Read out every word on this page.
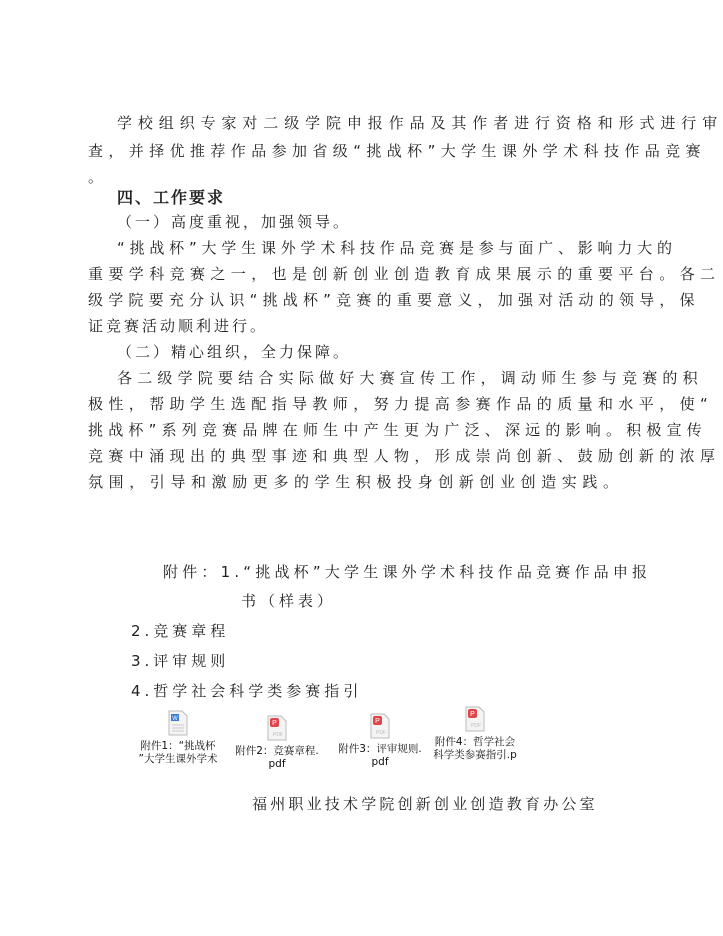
学校组织专家对二级学院申报作品及其作者进行资格和形式进行审
查，并择优推荐作品参加省级“挑战杯”大学生课外学术科技作品竞赛
。
四、工作要求
（一）高度重视，加强领导。
“挑战杯”大学生课外学术科技作品竞赛是参与面广、影响力大的
重要学科竞赛之一，也是创新创业创造教育成果展示的重要平台。各二
级学院要充分认识“挑战杯”竞赛的重要意义，加强对活动的领导，保
证竞赛活动顺利进行。
（二）精心组织，全力保障。
各二级学院要结合实际做好大赛宣传工作，调动师生参与竞赛的积
极性，帮助学生选配指导教师，努力提高参赛作品的质量和水平，使“
挑战杯”系列竞赛品牌在师生中产生更为广泛、深远的影响。积极宣传
竞赛中涌现出的典型事迹和典型人物，形成崇尚创新、鼓励创新的浓厚
氛围，引导和激励更多的学生积极投身创新创业创造实践。
附件：1.“挑战杯”大学生课外学术科技作品竞赛作品申报
书（样表）
2.竞赛章程
3.评审规则
4.哲学社会科学类参赛指引
W
附件1：“挑战杯
”大学生课外学术
P
PDF
附件2：竞赛章程.
pdf
P
PDF
附件3：评审规则.
pdf
P
PDF
附件4：哲学社会
科学类参赛指引.p
福州职业技术学院创新创业创造教育办公室
